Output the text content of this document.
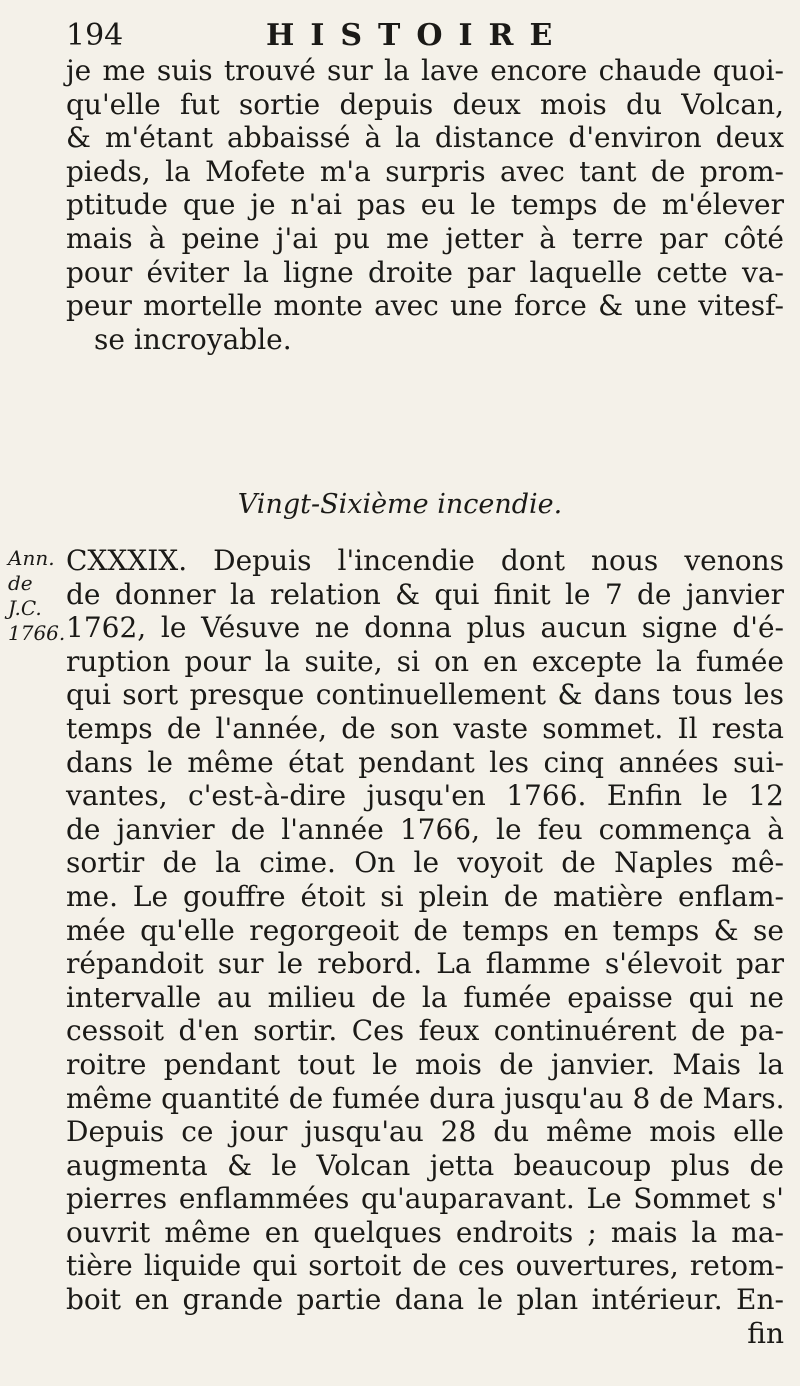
194	HISTOIRE
je me suis trouvé sur la lave encore chaude quoi-
qu'elle fut sortie depuis deux mois du Volcan,
& m'étant abbaissé à la distance d'environ deux
pieds, la Mofete m'a surpris avec tant de prom-
ptitude que je n'ai pas eu le temps de m'élever
mais à peine j'ai pu me jetter à terre par côté
pour éviter la ligne droite par laquelle cette va-
peur mortelle monte avec une force & une vitesf-
se incroyable.
Vingt-Sixième incendie.
Ann.
de J.C.
1766.
CXXXIX. Depuis l'incendie dont nous venons
de donner la relation & qui finit le 7 de janvier
1762, le Vésuve ne donna plus aucun signe d'é-
ruption pour la suite, si on en excepte la fumée
qui sort presque continuellement & dans tous les
temps de l'année, de son vaste sommet. Il resta
dans le même état pendant les cinq années sui-
vantes, c'est-à-dire jusqu'en 1766. Enfin le 12
de janvier de l'année 1766, le feu commença à
sortir de la cime. On le voyoit de Naples mê-
me. Le gouffre étoit si plein de matière enflam-
mée qu'elle regorgeoit de temps en temps & se
répandoit sur le rebord. La flamme s'élevoit par
intervalle au milieu de la fumée epaisse qui ne
cessoit d'en sortir. Ces feux continuérent de pa-
roitre pendant tout le mois de janvier. Mais la
même quantité de fumée dura jusqu'au 8 de Mars.
Depuis ce jour jusqu'au 28 du même mois elle
augmenta & le Volcan jetta beaucoup plus de
pierres enflammées qu'auparavant. Le Sommet s'
ouvrit même en quelques endroits ; mais la ma-
tière liquide qui sortoit de ces ouvertures, retom-
boit en grande partie dana le plan intérieur. En-
fin
